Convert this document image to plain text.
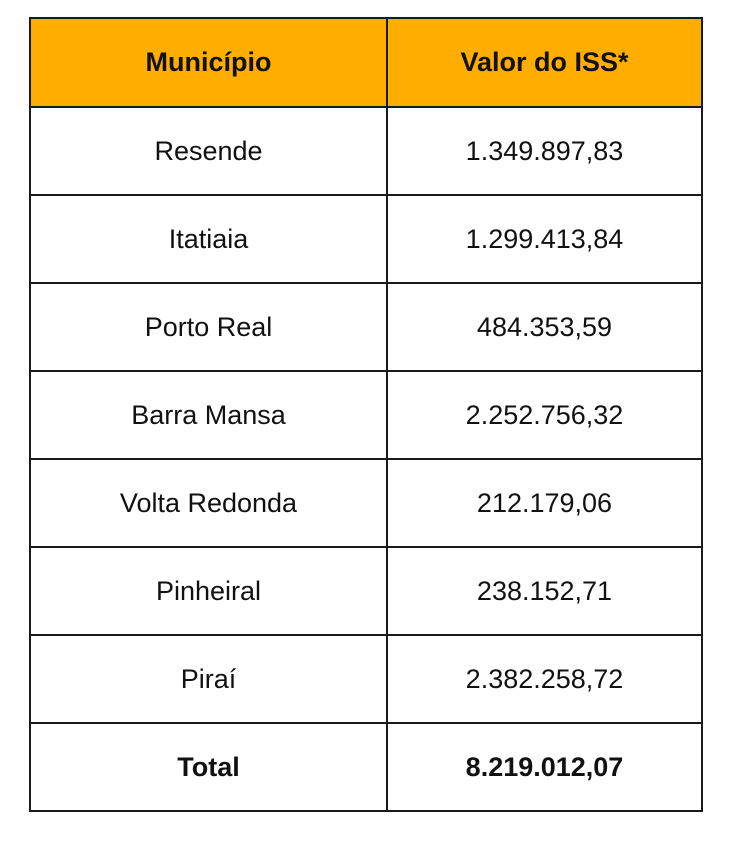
Município	Valor do ISS*
Resende	1.349.897,83
Itatiaia	1.299.413,84
Porto Real	484.353,59
Barra Mansa	2.252.756,32
Volta Redonda	212.179,06
Pinheiral	238.152,71
Piraí	2.382.258,72
Total	8.219.012,07
